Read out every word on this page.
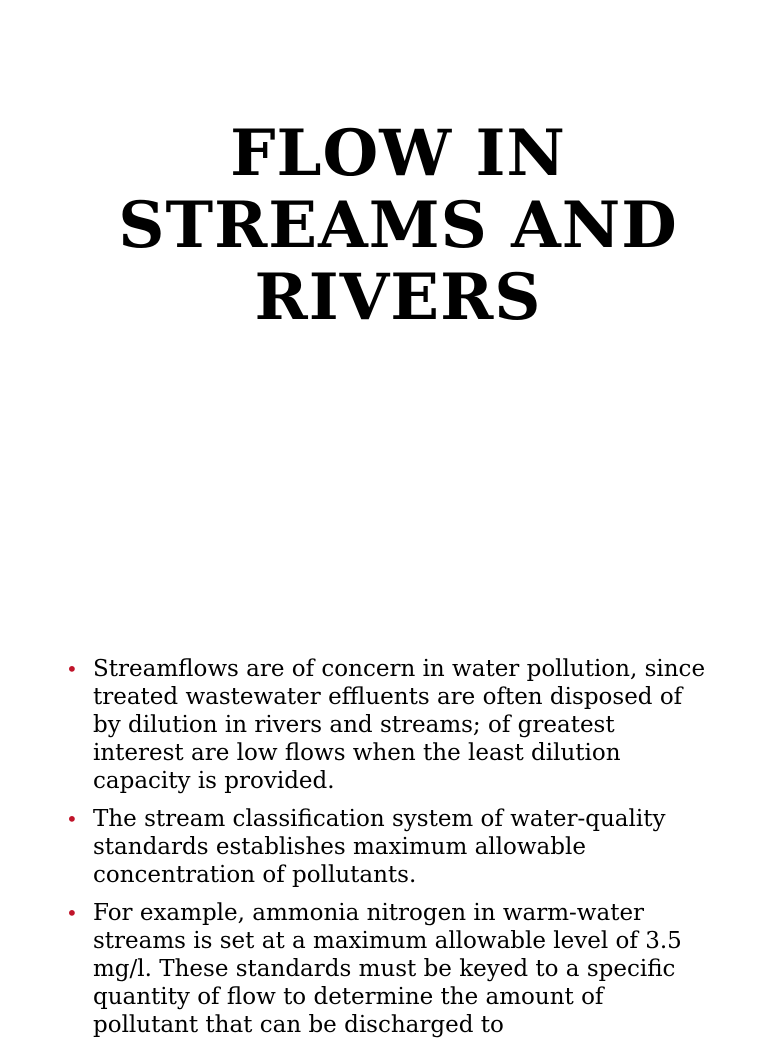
FLOW IN
STREAMS AND
RIVERS
• Streamflows are of concern in water pollution, since treated wastewater effluents are often disposed of by dilution in rivers and streams; of greatest interest are low flows when the least dilution capacity is provided.
• The stream classification system of water-quality standards establishes maximum allowable concentration of pollutants.
• For example, ammonia nitrogen in warm-water streams is set at a maximum allowable level of 3.5 mg/l. These standards must be keyed to a specific quantity of flow to determine the amount of pollutant that can be discharged to
